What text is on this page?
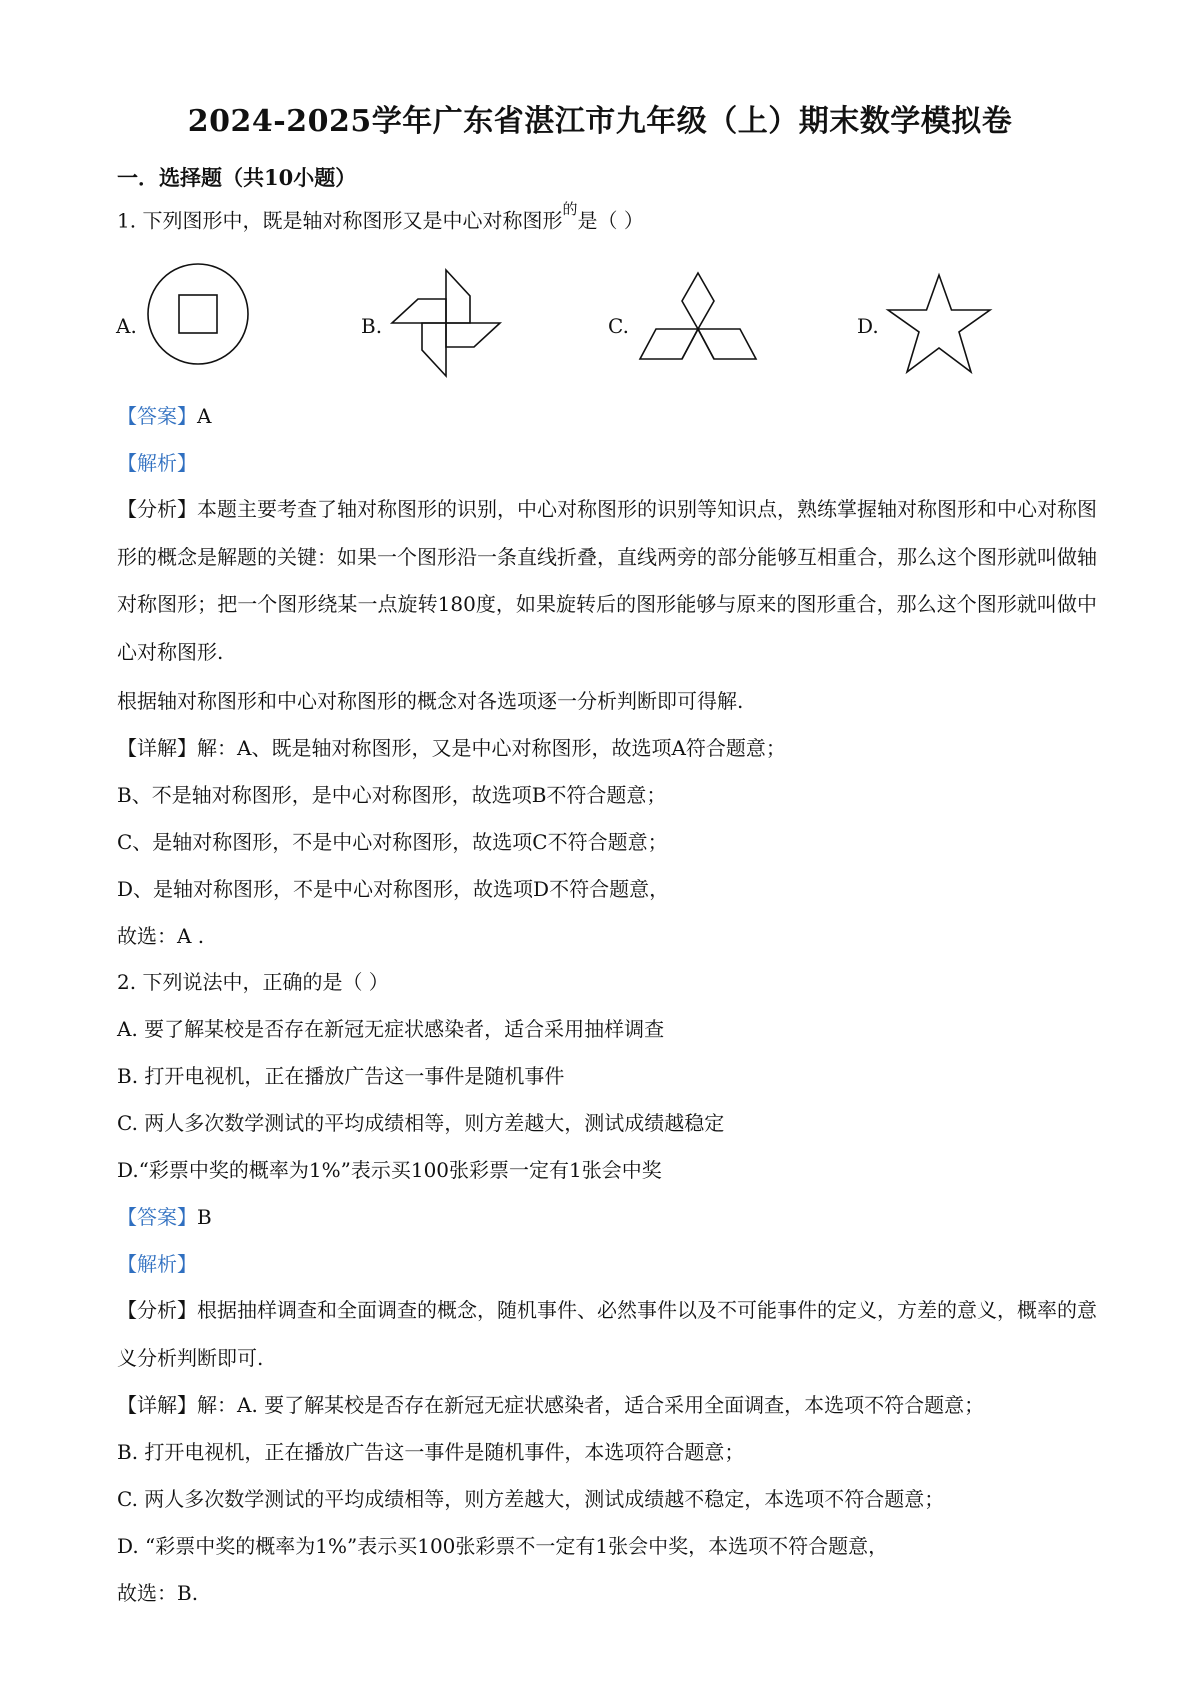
2024-2025学年广东省湛江市九年级（上）期末数学模拟卷
一．选择题（共10小题）
1. 下列图形中，既是轴对称图形又是中心对称图形$^的$是（ ）
A.	B.	C.	D.
【答案】A
【解析】
【分析】本题主要考查了轴对称图形的识别，中心对称图形的识别等知识点，熟练掌握轴对称图形和中心对称图形的概念是解题的关键：如果一个图形沿一条直线折叠，直线两旁的部分能够互相重合，那么这个图形就叫做轴对称图形；把一个图形绕某一点旋转180度，如果旋转后的图形能够与原来的图形重合，那么这个图形就叫做中心对称图形.
根据轴对称图形和中心对称图形的概念对各选项逐一分析判断即可得解.
【详解】解：A、既是轴对称图形，又是中心对称图形，故选项A符合题意；
B、不是轴对称图形，是中心对称图形，故选项B不符合题意；
C、是轴对称图形，不是中心对称图形，故选项C不符合题意；
D、是轴对称图形，不是中心对称图形，故选项D不符合题意，
故选：A .
2. 下列说法中，正确的是（ ）
A. 要了解某校是否存在新冠无症状感染者，适合采用抽样调查
B. 打开电视机，正在播放广告这一事件是随机事件
C. 两人多次数学测试的平均成绩相等，则方差越大，测试成绩越稳定
D.“彩票中奖的概率为1%”表示买100张彩票一定有1张会中奖
【答案】B
【解析】
【分析】根据抽样调查和全面调查的概念，随机事件、必然事件以及不可能事件的定义，方差的意义，概率的意义分析判断即可.
【详解】解：A. 要了解某校是否存在新冠无症状感染者，适合采用全面调查，本选项不符合题意；
B. 打开电视机，正在播放广告这一事件是随机事件，本选项符合题意；
C. 两人多次数学测试的平均成绩相等，则方差越大，测试成绩越不稳定，本选项不符合题意；
D. “彩票中奖的概率为1%”表示买100张彩票不一定有1张会中奖，本选项不符合题意，
故选：B.
